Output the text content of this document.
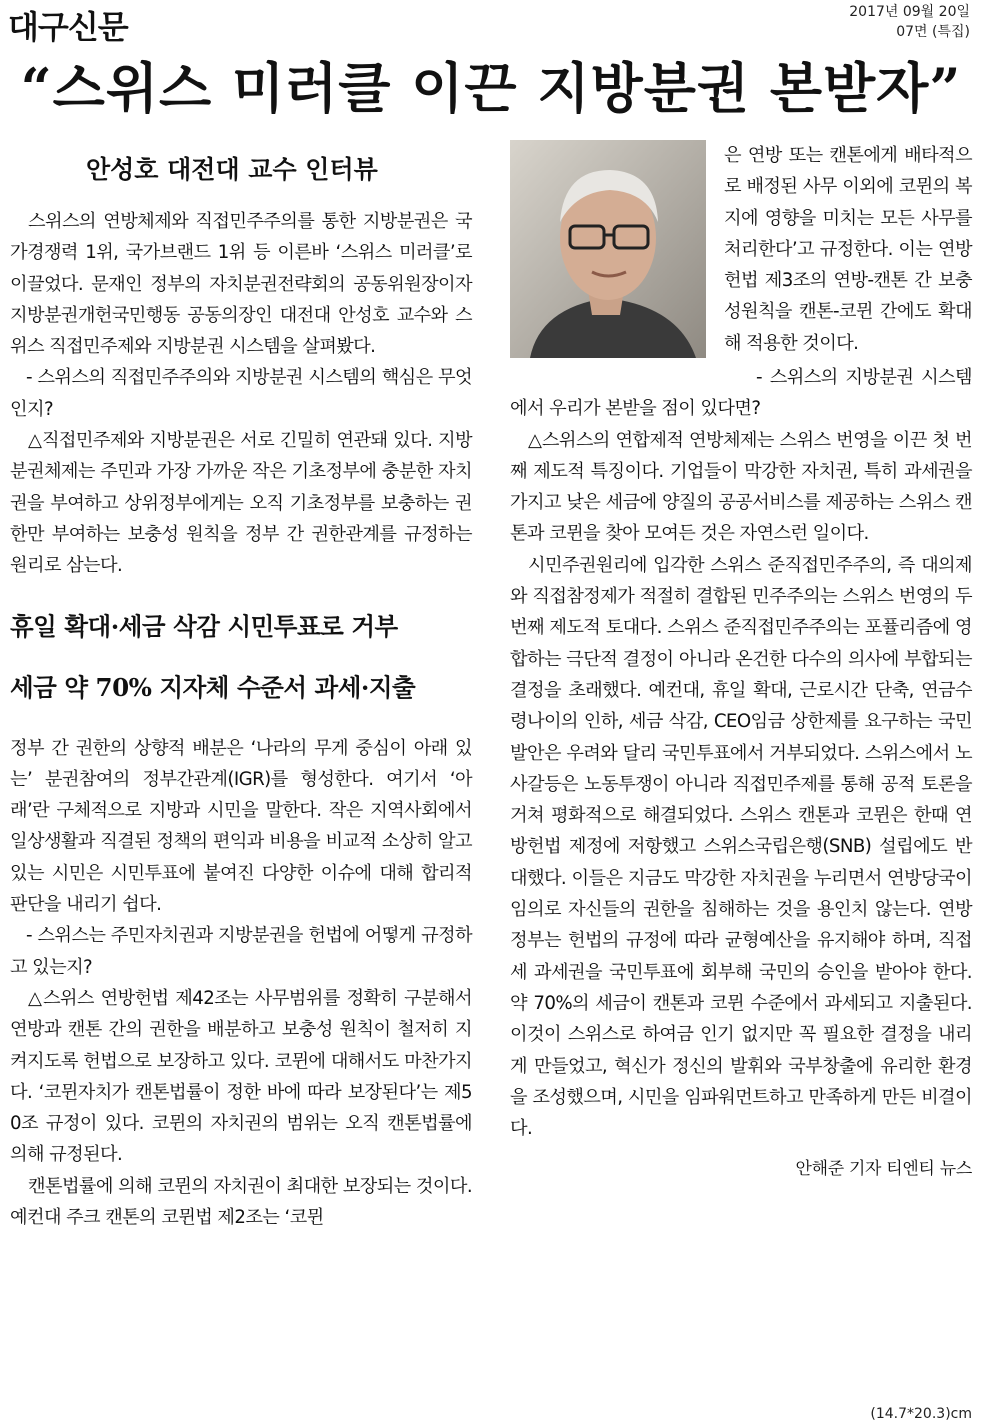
대구신문	2017년 09월 20일
07면 (특집)
“스위스 미러클 이끈 지방분권 본받자”
안성호 대전대 교수 인터뷰

스위스의 연방체제와 직접민주주의를 통한 지방분권은 국가경쟁력 1위, 국가브랜드 1위 등 이른바 ‘스위스 미러클’로 이끌었다. 문재인 정부의 자치분권전략회의 공동위원장이자 지방분권개헌국민행동 공동의장인 대전대 안성호 교수와 스위스 직접민주제와 지방분권 시스템을 살펴봤다.

- 스위스의 직접민주주의와 지방분권 시스템의 핵심은 무엇인지?

△직접민주제와 지방분권은 서로 긴밀히 연관돼 있다. 지방분권체제는 주민과 가장 가까운 작은 기초정부에 충분한 자치권을 부여하고 상위정부에게는 오직 기초정부를 보충하는 권한만 부여하는 보충성 원칙을 정부 간 권한관계를 규정하는 원리로 삼는다.

휴일 확대·세금 삭감 시민투표로 거부
세금 약 70% 지자체 수준서 과세·지출

정부 간 권한의 상향적 배분은 ‘나라의 무게 중심이 아래 있는’ 분권참여의 정부간관계(IGR)를 형성한다. 여기서 ‘아래’란 구체적으로 지방과 시민을 말한다. 작은 지역사회에서 일상생활과 직결된 정책의 편익과 비용을 비교적 소상히 알고 있는 시민은 시민투표에 붙여진 다양한 이슈에 대해 합리적 판단을 내리기 쉽다.

- 스위스는 주민자치권과 지방분권을 헌법에 어떻게 규정하고 있는지?

△스위스 연방헌법 제42조는 사무범위를 정확히 구분해서 연방과 캔톤 간의 권한을 배분하고 보충성 원칙이 철저히 지켜지도록 헌법으로 보장하고 있다. 코뮌에 대해서도 마찬가지다. ‘코뮌자치가 캔톤법률이 정한 바에 따라 보장된다’는 제50조 규정이 있다. 코뮌의 자치권의 범위는 오직 캔톤법률에 의해 규정된다.

캔톤법률에 의해 코뮌의 자치권이 최대한 보장되는 것이다. 예컨대 주크 캔톤의 코뮌법 제2조는 ‘코뮌

은 연방 또는 캔톤에게 배타적으로 배정된 사무 이외에 코뮌의 복지에 영향을 미치는 모든 사무를 처리한다’고 규정한다. 이는 연방헌법 제3조의 연방-캔톤 간 보충성원칙을 캔톤-코뮌 간에도 확대해 적용한 것이다.

- 스위스의 지방분권 시스템에서 우리가 본받을 점이 있다면?

△스위스의 연합제적 연방체제는 스위스 번영을 이끈 첫 번째 제도적 특징이다. 기업들이 막강한 자치권, 특히 과세권을 가지고 낮은 세금에 양질의 공공서비스를 제공하는 스위스 캔톤과 코뮌을 찾아 모여든 것은 자연스런 일이다.

시민주권원리에 입각한 스위스 준직접민주주의, 즉 대의제와 직접참정제가 적절히 결합된 민주주의는 스위스 번영의 두 번째 제도적 토대다. 스위스 준직접민주주의는 포퓰리즘에 영합하는 극단적 결정이 아니라 온건한 다수의 의사에 부합되는 결정을 초래했다. 예컨대, 휴일 확대, 근로시간 단축, 연금수령나이의 인하, 세금 삭감, CEO임금 상한제를 요구하는 국민발안은 우려와 달리 국민투표에서 거부되었다. 스위스에서 노사갈등은 노동투쟁이 아니라 직접민주제를 통해 공적 토론을 거쳐 평화적으로 해결되었다. 스위스 캔톤과 코뮌은 한때 연방헌법 제정에 저항했고 스위스국립은행(SNB) 설립에도 반대했다. 이들은 지금도 막강한 자치권을 누리면서 연방당국이 임의로 자신들의 권한을 침해하는 것을 용인치 않는다. 연방정부는 헌법의 규정에 따라 균형예산을 유지해야 하며, 직접세 과세권을 국민투표에 회부해 국민의 승인을 받아야 한다. 약 70%의 세금이 캔톤과 코뮌 수준에서 과세되고 지출된다. 이것이 스위스로 하여금 인기 없지만 꼭 필요한 결정을 내리게 만들었고, 혁신가 정신의 발휘와 국부창출에 유리한 환경을 조성했으며, 시민을 임파워먼트하고 만족하게 만든 비결이다.

안해준 기자 티엔티 뉴스
(14.7*20.3)cm
